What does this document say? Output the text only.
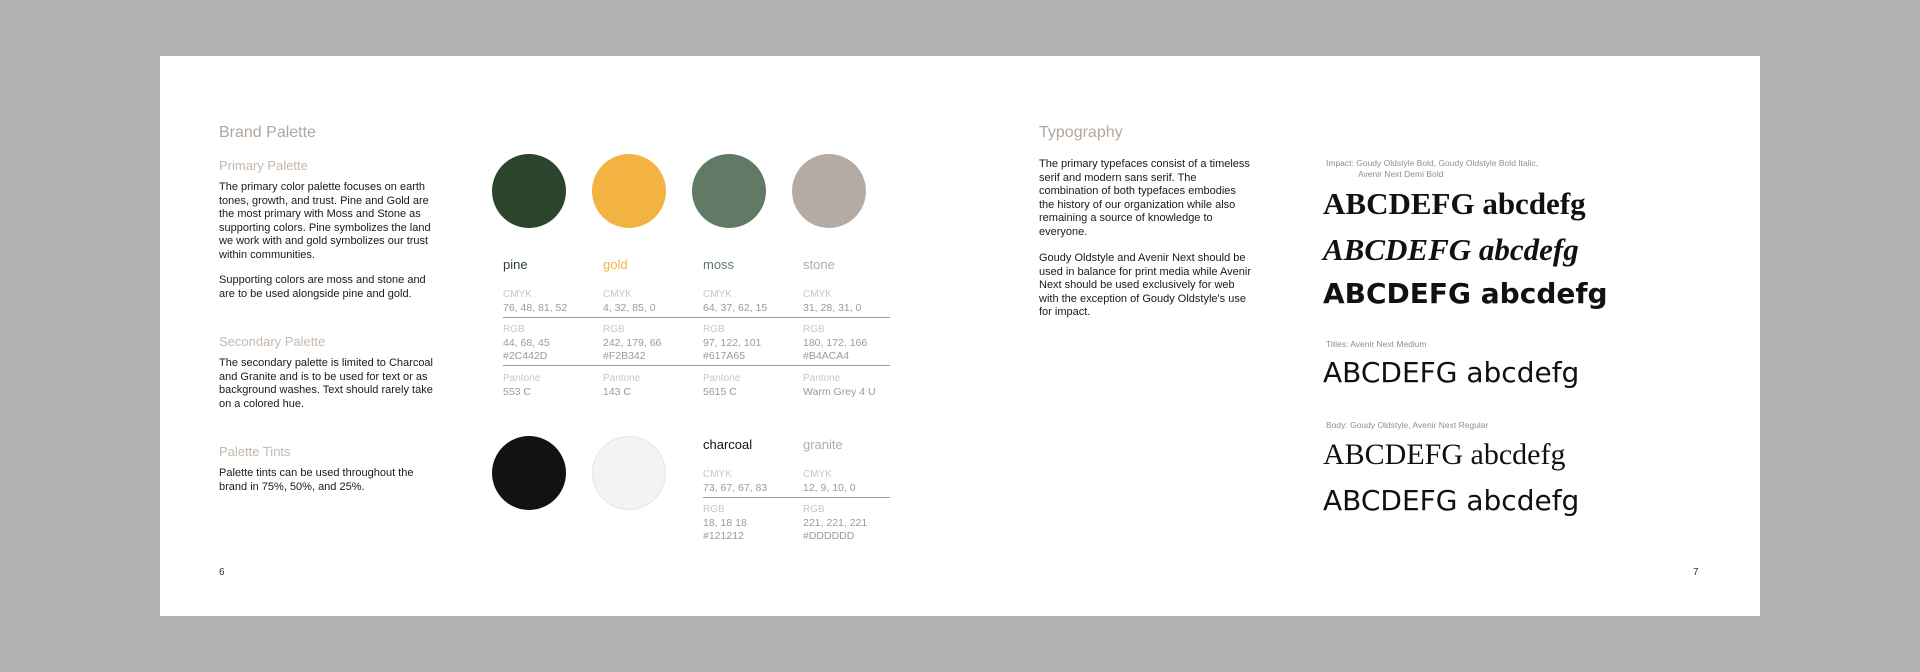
Brand Palette
Primary Palette

The primary color palette focuses on earth tones, growth, and trust. Pine and Gold are the most primary with Moss and Stone as supporting colors. Pine symbolizes the land we work with and gold symbolizes our trust within communities.

Supporting colors are moss and stone and are to be used alongside pine and gold.

Secondary Palette

The secondary palette is limited to Charcoal and Granite and is to be used for text or as background washes. Text should rarely take on a colored hue.

Palette Tints

Palette tints can be used throughout the brand in 75%, 50%, and 25%.

6
pine	gold	moss	stone
CMYK	CMYK	CMYK	CMYK
76, 48, 81, 52	4, 32, 85, 0	64, 37, 62, 15	31, 28, 31, 0
RGB	RGB	RGB	RGB
44, 68, 45	242, 179, 66	97, 122, 101	180, 172, 166
#2C442D	#F2B342	#617A65	#B4ACA4
Pantone	Pantone	Pantone	Pantone
553 C	143 C	5615 C	Warm Grey 4 U
charcoal	granite
CMYK	CMYK
73, 67, 67, 83	12, 9, 10, 0
RGB	RGB
18, 18 18	221, 221, 221
#121212	#DDDDDD
Typography

The primary typefaces consist of a timeless serif and modern sans serif. The combination of both typefaces embodies the history of our organization while also remaining a source of knowledge to everyone.

Goudy Oldstyle and Avenir Next should be used in balance for print media while Avenir Next should be used exclusively for web with the exception of Goudy Oldstyle's use for impact.

Impact: Goudy Oldstyle Bold, Goudy Oldstyle Bold Italic,
Avenir Next Demi Bold
ABCDEFG abcdefg
ABCDEFG abcdefg
ABCDEFG abcdefg
Titles: Avenir Next Medium
ABCDEFG abcdefg
Body: Goudy Oldstyle, Avenir Next Regular
ABCDEFG abcdefg
ABCDEFG abcdefg
7
